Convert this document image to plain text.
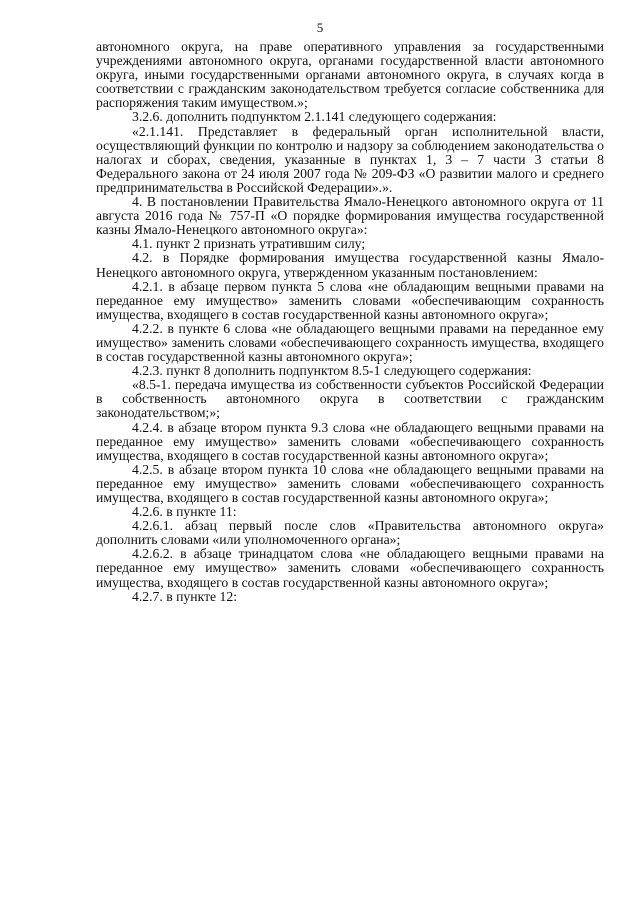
5

автономного округа, на праве оперативного управления за государственными учреждениями автономного округа, органами государственной власти автономного округа, иными государственными органами автономного округа, в случаях когда в соответствии с гражданским законодательством требуется согласие собственника для распоряжения таким имуществом.»;

3.2.6. дополнить подпунктом 2.1.141 следующего содержания:

«2.1.141. Представляет в федеральный орган исполнительной власти, осуществляющий функции по контролю и надзору за соблюдением законодательства о налогах и сборах, сведения, указанные в пунктах 1, 3 – 7 части 3 статьи 8 Федерального закона от 24 июля 2007 года № 209-ФЗ «О развитии малого и среднего предпринимательства в Российской Федерации».».

4. В постановлении Правительства Ямало-Ненецкого автономного округа от 11 августа 2016 года № 757-П «О порядке формирования имущества государственной казны Ямало-Ненецкого автономного округа»:

4.1. пункт 2 признать утратившим силу;

4.2. в Порядке формирования имущества государственной казны Ямало-Ненецкого автономного округа, утвержденном указанным постановлением:

4.2.1. в абзаце первом пункта 5 слова «не обладающим вещными правами на переданное ему имущество» заменить словами «обеспечивающим сохранность имущества, входящего в состав государственной казны автономного округа»;

4.2.2. в пункте 6 слова «не обладающего вещными правами на переданное ему имущество» заменить словами «обеспечивающего сохранность имущества, входящего в состав государственной казны автономного округа»;

4.2.3. пункт 8 дополнить подпунктом 8.5-1 следующего содержания:

«8.5-1. передача имущества из собственности субъектов Российской Федерации в собственность автономного округа в соответствии с гражданским законодательством;»;

4.2.4. в абзаце втором пункта 9.3 слова «не обладающего вещными правами на переданное ему имущество» заменить словами «обеспечивающего сохранность имущества, входящего в состав государственной казны автономного округа»;

4.2.5. в абзаце втором пункта 10 слова «не обладающего вещными правами на переданное ему имущество» заменить словами «обеспечивающего сохранность имущества, входящего в состав государственной казны автономного округа»;

4.2.6. в пункте 11:

4.2.6.1. абзац первый после слов «Правительства автономного округа» дополнить словами «или уполномоченного органа»;

4.2.6.2. в абзаце тринадцатом слова «не обладающего вещными правами на переданное ему имущество» заменить словами «обеспечивающего сохранность имущества, входящего в состав государственной казны автономного округа»;

4.2.7. в пункте 12:
